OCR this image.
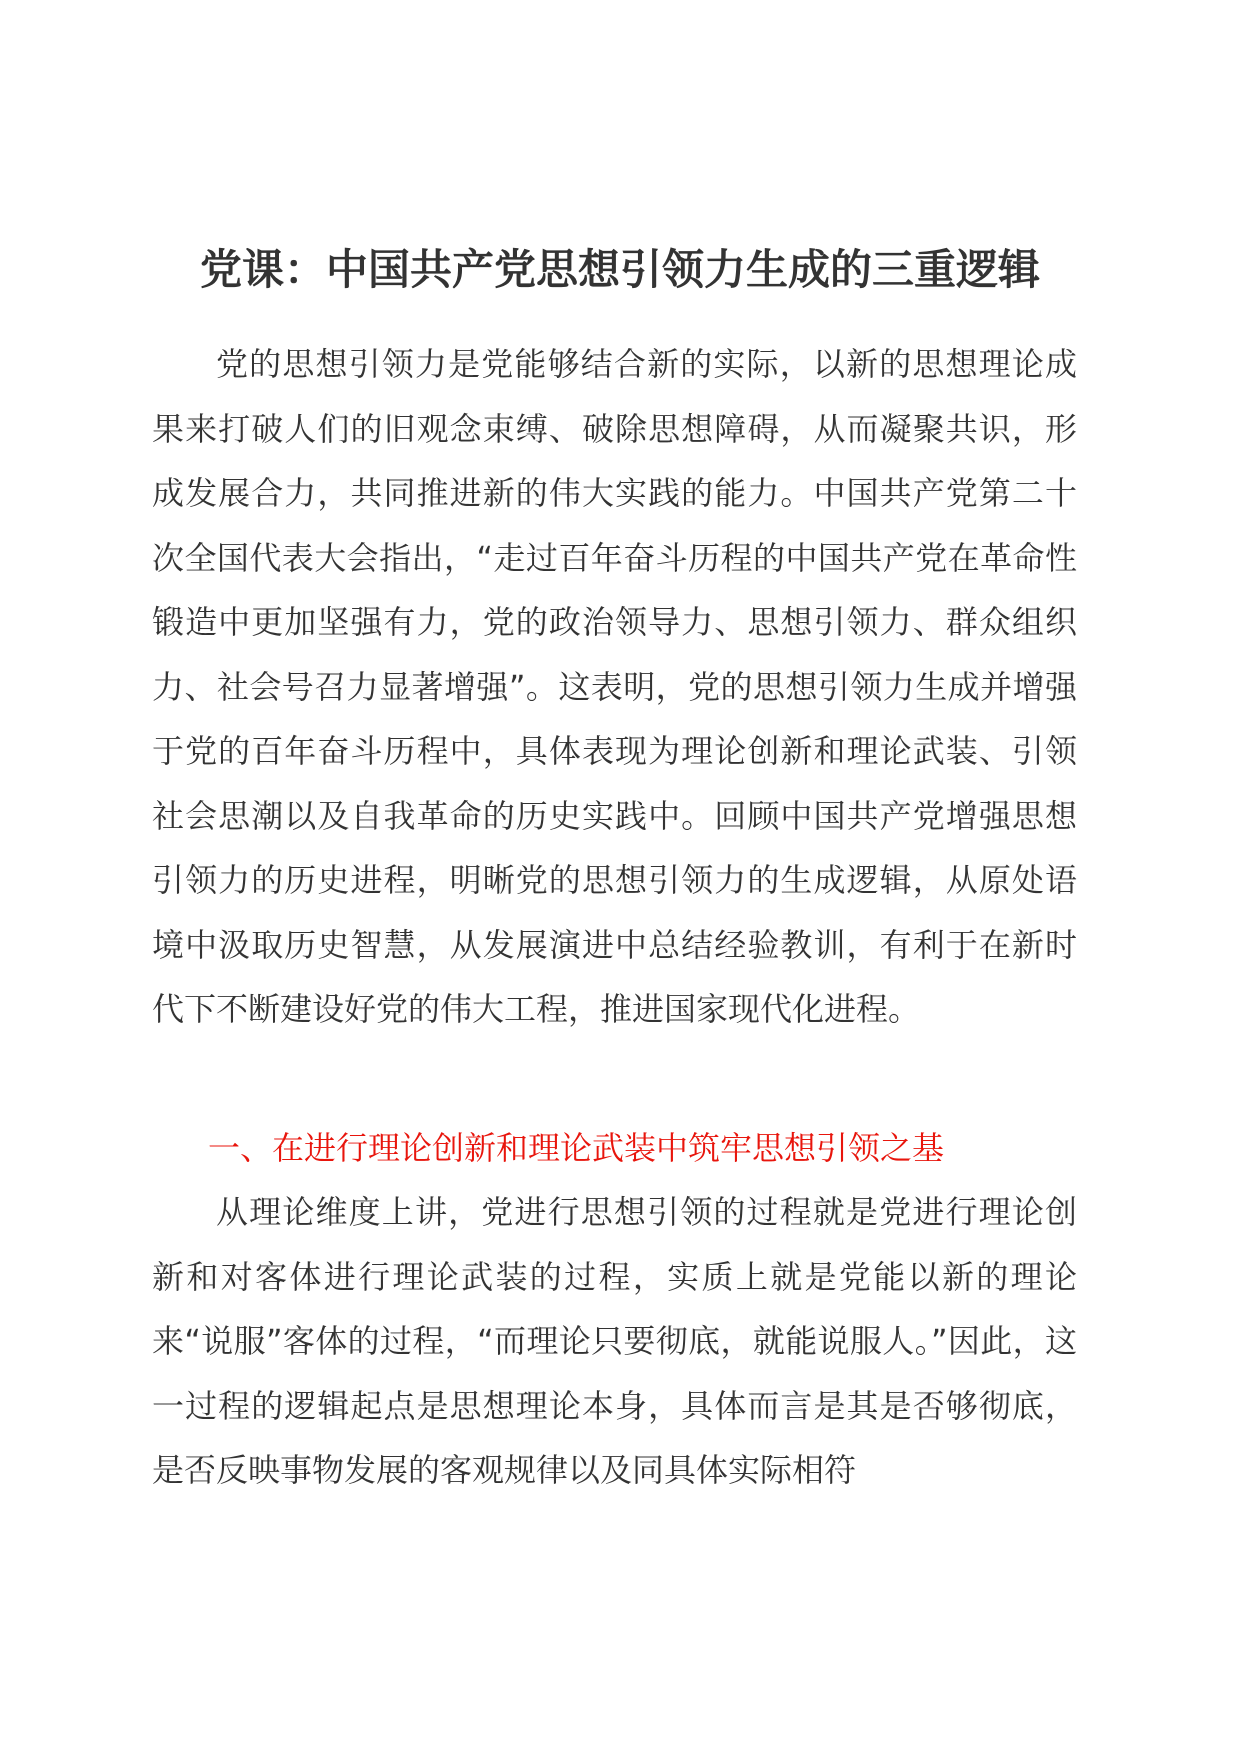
党课：中国共产党思想引领力生成的三重逻辑

党的思想引领力是党能够结合新的实际，以新的思想理论成果来打破人们的旧观念束缚、破除思想障碍，从而凝聚共识，形成发展合力，共同推进新的伟大实践的能力。中国共产党第二十次全国代表大会指出，“走过百年奋斗历程的中国共产党在革命性锻造中更加坚强有力，党的政治领导力、思想引领力、群众组织力、社会号召力显著增强”。这表明，党的思想引领力生成并增强于党的百年奋斗历程中，具体表现为理论创新和理论武装、引领社会思潮以及自我革命的历史实践中。回顾中国共产党增强思想引领力的历史进程，明晰党的思想引领力的生成逻辑，从原处语境中汲取历史智慧，从发展演进中总结经验教训，有利于在新时代下不断建设好党的伟大工程，推进国家现代化进程。

一、在进行理论创新和理论武装中筑牢思想引领之基

从理论维度上讲，党进行思想引领的过程就是党进行理论创新和对客体进行理论武装的过程，实质上就是党能以新的理论来“说服”客体的过程，“而理论只要彻底，就能说服人。”因此，这一过程的逻辑起点是思想理论本身，具体而言是其是否够彻底，是否反映事物发展的客观规律以及同具体实际相符
